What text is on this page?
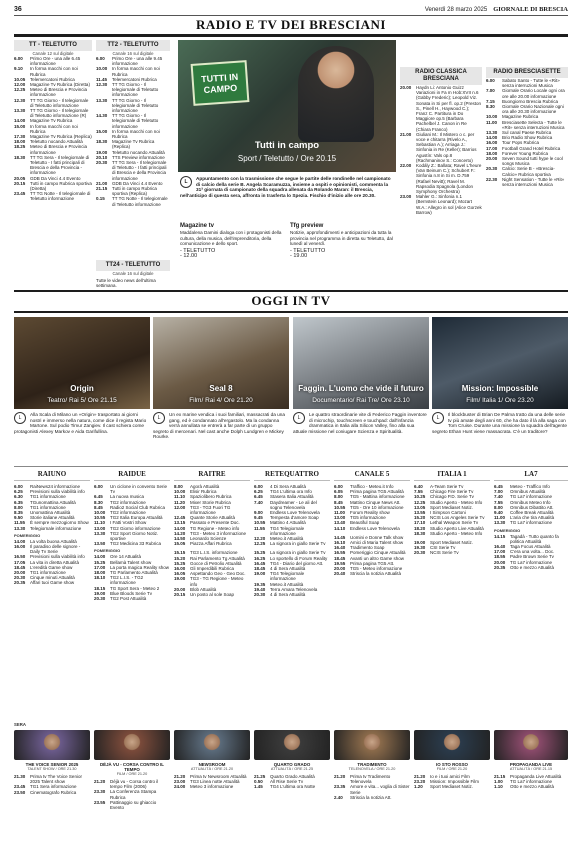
36	Venerdì 28 marzo 2025 GIORNALE DI BRESCIA
RADIO E TV DEI BRESCIANI
TT - TELETUTTO
Canale 12 sul digitale
6.00	Primo Ore - una alle 6.45 informazione
9.10	In forma macchi con noi Rubrica
10.05	Telemercatoni Rubrica
12.00	Magazine Tv Rubrica (Diretta)
12.25	Meteo di Brescia e Provincia informazione
12.30	TT TG Giorno - Il telegiornale di Teletutto informazione
13.30	TT TG Giorno - Il telegiornale di Teletutto informazione (R)
14.00	Magazine Tv Rubrica
15.00	In forma macchi con noi Rubrica
17.30	Magazine Tv Rubrica (Replica)
18.00	Teletutto nocando Attualità
18.25	Meteo di Brescia e Provincia informazione
18.30	TT TG Sera - Il telegiornale di Teletutto - I fatti principali di Brescia e della Provincia - informazione
20.05	GDB Da Vinci 4.4 Evento
20.15	Tutti in campo Rubrica sportiva (Diretta)
23.45	TT TG Notte - Il telegiornale di Teletutto informazione
TT2 - TELETUTTO
Canale 16 sul digitale
6.00	Primo Ore - una alle 9.45 informazione
10.00	In forma macchi con noi Rubrica
11.45	Telemercatoni Rubrica
12.30	TT TG Giorno - Il telegiornale di Teletutto informazione
13.30	TT TG Giorno - Il telegiornale di Teletutto informazione
14.30	TT TG Giorno - Il telegiornale di Teletutto informazione
15.00	In forma macchi con noi Rubrica
18.30	Magazine Tv Rubrica (Replica)
19.00	Teletutto nocando Attualità
20.10	TTS Preview informazione
20.30	TT TG Sera - Il telegiornale di Teletutto - I fatti principali di Brescia e della Provincia informazione
21.00	GDB Da Vinci 4.4 Evento
21.15	Tutti in campo Rubrica sportiva (Replica)
0.15	TT TG Notte - Il telegiornale di Teletutto informazione
TT24 - TELETUTTO
Canale 16 sul digitale
Tutte le video news dell'ultima settimana.
TUTTI IN CAMPO
Tutti in campo
Sport / Teletutto / Ore 20.15
L
Appuntamento con la trasmissione che segue le partite delle rondinelle nel campionato di calcio della serie B. Angela Scaramuzza, insieme a ospiti e opinionisti, commenta la 31ª giornata di campionato della squadra allenata da Rolando Maran: il Brescia, nell'anticipo di questa sera, affronta in trasferta lo Spezia. Fischio d'inizio alle ore 20.30.
Magazine tv
Maddalena Damini dialoga con i protagonisti della cultura, della musica, dell'imprenditoria, della comunicazione e dello sport.
- TELETUTTO
- 12.00
Tfg preview
Notizie, approfondimenti e anticipazioni da tutta la provincia nel programma in diretta su Teletutto, dal lunedì al venerdì.
- TELETUTTO
- 19.00
RADIO CLASSICA BRESCIANA
20.00	Haydn Li: Antonio Guizz Variazioni in Fa m Hob:XVII n.6 (Gabby Frederic); Leopold Viz. Sonata in Si per fl. op.2 (Preston S., Pinell H., Haywood C.); Franz C. Partitura in Do Maggiore op.5 (Barbara Pachelbel J. Canon in Re (Chiara Franco)
21.00	Giuliani M.: Il Mistero o c. per voce e chitarra (Rivelo A., Sebastian A.); Arriaga J.: Sinfonia in Re (Keller); Barrios Agustín: Vals op.8 (Rachmaninov S.: Concerto)
22.00	Kodály Z.: Ballata; Ravel L'heure (Van Beinum C.); Schubert F.: Sinfonia n.8 in Si m. D.759 (Rafael Nevitt); Ravel M. Rapsodia Spagnola (London Symphony Orchestra)
23.00	Mahler G.: Sinfonia n.1 (Bernstein Leonard); Mozart W.A.: Allegro in sol (Alice Gorzek Barrow)
RADIO BRESCIASETTE
6.00	Sabato Santo - Tutte le «Rit» senza interruzioni Musica
7.00	Giornale Orario Locale ogni ora ore alle 20.00 informazione
7.15	Buongiorno Brescia Rubrica
8.30	Giornale Orario Nazionale ogni ora alle 20.30 informazione
10.00	Magazine Rubrica
11.00	Bresciasette Selecta - Tutte le «Rit» senza interruzioni Musica
13.30	Sul canal Paese Rubrica
14.00	Brio Radio Show Rubrica
16.00	Tour Pops Rubrica
17.00	Football Grand Hotel Rubrica
18.00	Forever Young Rubrica
20.00	Seven Sound tutti hype le cool songs Musica
20.30	Calcio: Serie B - «Brescia-Calcio» Rubrica sportiva
22.30	Night Sensation - Tutte le «Rit» senza interruzioni Musica
OGGI IN TV
Origin
Teatro/ Rai 5/ Ore 21.15
Seal 8
Film/ Rai 4/ Ore 21.20
Faggin. L'uomo che vide il futuro
Documentario/ Rai Tre/ Ore 23.10
Mission: Impossible
Film/ Italia 1/ Ore 23.20
L
Alla Scala di Milano un «Origin» trasportato ai giorni nostri e immerso nella natura, come dice il regista Mario Martone. Sul podio Timur Zangiev. Il cast schiera come protagonisti Alexey Markov e Aida Garifullina.
L
Un ex marine vendica i suoi familiari, massacrati da una gang, ed è condannato all'ergastolo. Ma la condanna verrà annullata se entrerà a far parte di un gruppo segreto di mercenari. Nel cast anche Dolph Lundgren e Mickey Rourke.
L
Le quattro straordinarie vite di Federico Faggin inventore di microchip, touchscreen e touchpad: dall'infanzia drammatica in Italia alla Silicon Valley, fino alla sua attuale missione nel coniugare Scienza e Spiritualità.
L
Il blockbuster di Brian De Palma tratto da una delle serie tv più amate degli anni 60, che ha dato il là alla saga con Tom Cruise. Durante una missione la squadra dell'agente segreto Ethan Hunt viene massacrata. C'è un traditore?
RAIUNO
6.00	RaiNews24 informazione
6.25	Previsioni sulla viabilità info
6.30	TG1 informazione
6.35	TGunomattina Attualità
8.00	TG1 informazione
8.35	Unomattina Attualità
9.50	Storie italiane Attualità
11.55	È sempre mezzogiorno Show
13.30	Telegiornale informazione
POMERIGGIO
14.00	La volta buona Attualità
16.00	Il paradiso delle signore - Daily Tv Serie
16.50	Previsioni sulla viabilità info
17.05	La vita in diretta Attualità
18.45	L'eredità Game show
20.00	TG1 informazione
20.30	Cinque minuti Attualità
20.35	Affari tuoi Game show
RAIDUE
6.00	Un ciclone in convento Serie Tv
6.45	La nuova musica
8.30	TG2 informazione
8.45	Radio2 Social Club Rubrica
10.00	TG2 informazione
10.55	TG2 Italia Europa Attualità
11.10	I Fatti Vostri Show
13.00	TG2 Giorno informazione
13.30	TG2 Sport Giorno Notiz. sportive
13.50	TG2 Medicina 33 Rubrica
POMERIGGIO
14.00	Ore 14 Attualità
15.25	Bellamà Talent show
17.00	La porta magica Reality show
18.00	TG Parlamento Attualità
18.10	TG2 L.I.S. - TG2 informazione
18.15	TG Sport Sera - Meteo 2
19.00	Blue Bloods Serie Tv
20.30	TG2 Post Attualità
RAITRE
8.00	Agorà Attualità
10.00	Elisir Rubrica
11.10	Spaziolibero Rubrica
11.20	Mixer Storie Rubrica
12.00	TG3 - TG3 Fuori TG informazione
12.45	Quante Storie Attualità
13.15	Passato e Presente Doc.
14.00	TG Regione - Meteo info
14.20	TG3 - Meteo 3 informazione
14.50	Leonardo Scienze
15.05	Piazza Affari Rubrica
15.15	TG3 L.I.S. informazione
15.20	Rai Parlamento Tg Attualità
15.25	Gocce di Petrolio Attualità
16.00	Gli Imperdibili Rubrica
16.05	Aspettando Geo - Geo Doc.
19.00	TG3 - TG Regione - Meteo info
20.00	Blob Attualità
20.15	Un posto al sole Soap
RETEQUATTRO
6.00	4 Di Sera Attualità
6.25	TG4 L'ultima ora Info
6.45	Stasera Italia Attualità
7.40	Daydreamer - Le ali del sogno Telenovela
9.00	Endless Love Telenovela
9.45	Tempesta d'amore Soap
10.55	Mattino 4 Attualità
11.55	TG4 Telegiornale informazione
12.20	Meteo.it Attualità
12.25	La signora in giallo Serie Tv
15.25	La signora in giallo Serie Tv
16.25	Lo sportello di Forum Reality
16.45	TG4 - Diario del giorno Att.
18.45	4 di Sera Attualità
19.00	TG4 Telegiornale informazione
19.35	Meteo.it Attualità
19.40	Terra Amara Telenovela
20.30	4 di Sera Attualità
CANALE 5
6.00	Traffico - Meteo.it Info
6.05	Prima pagina TG5 Attualità
8.00	TG5 - Mattina informazione
8.45	Mattino Cinque News Att.
10.55	TG5 - Ore 10 informazione
11.00	Forum Reality show
13.00	TG5 informazione
13.40	Beautiful Soap
14.10	Endless Love Telenovela
14.45	Uomini e Donne Talk show
16.10	Amici di Maria Talent show
16.40	Tradimento Soap
16.55	Pomeriggio Cinque Attualità
18.45	Avanti un altro Game show
19.55	Prima pagina TG5 Att.
20.00	TG5 - Meteo informazione
20.40	Striscia la notizia Attualità
ITALIA 1
6.40	A-Team Serie Tv
7.55	Chicago Fire Serie Tv
10.25	Chicago P.D. Serie Tv
12.25	Studio Aperto - Meteo Info
13.05	Sport Mediaset Notiz.
13.55	I Simpson Cartoni
15.20	NCIS Los Angeles Serie Tv
17.10	Lethal Weapon Serie Tv
18.20	Studio Aperto Live Attualità
18.30	Studio Aperto - Meteo Info
19.00	Sport Mediaset Notiz.
19.30	CSI Serie Tv
20.30	NCIS Serie Tv
LA7
6.45	Meteo - Traffico Info
7.00	Omnibus Attualità
7.40	TG La7 informazione
7.55	Omnibus Meteo Info
8.00	Omnibus Dibattito Att.
9.40	Coffee Break Attualità
11.00	L'aria che tira Attualità
13.30	TG La7 informazione
POMERIGGIO
14.15	Tagadà - Tutto quanto fa politica Attualità
16.40	Taga Focus Attualità
17.00	C'era una volta... Doc.
18.55	Padre Brown Serie Tv
20.00	TG La7 informazione
20.35	Otto e mezzo Attualità
SERA
THE VOICE SENIOR 2025
TALENT SHOW / ORE 21.30
21.30	Prima tv The Voice Senior 2025 Talent show
23.45	TG1 Sera informazione
23.50	Cinematografo Rubrica
DÉJÀ VU - CORSA CONTRO IL TEMPO
FILM / ORE 21.20
21.20	Déjà vu - Corsa contro il tempo Film (2006)
23.30	La Conferenza Stampa Rubrica
23.55	Pattinaggio su ghiaccio Evento
NEWSROOM
ATTUALITÀ / ORE 21.20
21.20	Prima tv Newsroom Attualità
23.00	TG3 Linea notte Attualità
24.00	Meteo 3 informazione
QUARTO GRADO
ATTUALITÀ / ORE 21.25
21.25	Quarto Grado Attualità
0.50	All Rise Serie Tv
1.45	TG4 L'ultima ora Notte
TRADIMENTO
TELENOVELA / ORE 21.20
21.20	Prima tv Tradimento Telenovela
23.35	Amore e vita... voglia di Sister Serie
2.40	Striscia la notizia Att.
IO STO ROSSO
FILM / ORE 21.20
21.20	Io e i tuoi amici Film
23.20	Mission: Impossible Film
1.20	Sport Mediaset Notiz.
PROPAGANDA LIVE
ATTUALITÀ / ORE 21.15
21.15	Propaganda Live Attualità
1.00	TG La7 informazione
1.10	Otto e mezzo Attualità
